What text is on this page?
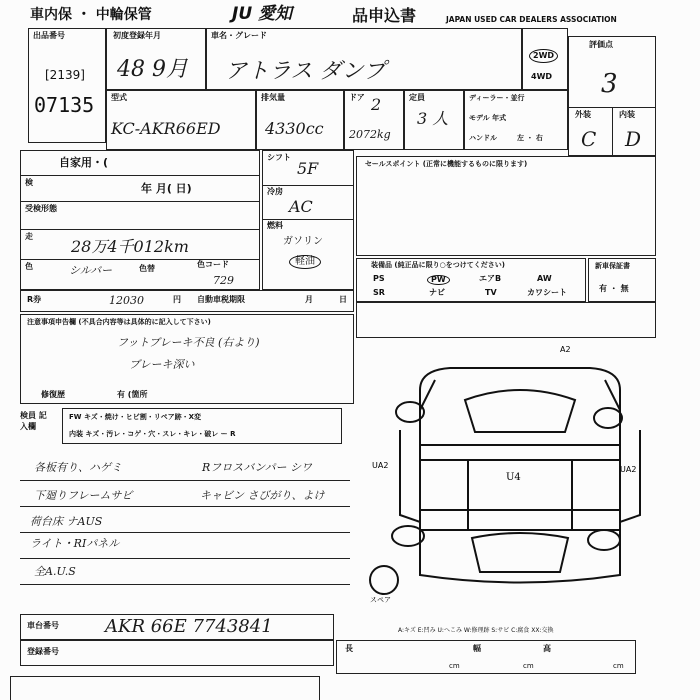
車内保 ・ 中輪保管	JU 愛知	品申込書	JAPAN USED CAR DEALERS ASSOCIATION
出品番号
[2139]
07135
初度登録年月
48 9月
車名・グレード
アトラス ダンプ
2WD
4WD
評価点
3
外装	内装
C D
型式
KC-AKR66ED
排気量
4330cc
ドア 2
2072kg
定員
3 人
ディーラー・並行
モデル 年式
ハンドル	左 ・ 右
自家用・(
検	年 月( 日)
受検形態
走
28万4千012km
色	シルバー	色替	色コード
729
シフト
5F
冷房
AC
燃料
ガソリン
軽油
セールスポイント (正常に機能するものに限ります)
装備品 (純正品に限り○をつけてください)
PS	PW	エアB	AW
SR	ナビ	TV	カワシート
新車保証書
有 ・ 無
R券	12030	円 自動車税期限	月	日
注意事項申告欄 (不具合内容等は具体的に記入して下さい)
フットブレーキ不良 (右より)
ブレーキ深い
修復歴	有 (箇所
検員 記入欄
FW キズ・焼け・ヒビ割・リペア跡・X変
内装 キズ・汚レ・コゲ・穴・スレ・キレ・破レ ー R
各板有り、ハゲミ	Rフロスバンパー シワ
下廻りフレームサビ	キャビン さびがり、よけ
荷台床 ナAUS
ライト・RIパネル
全A.U.S
A2
UA2
U4
UA2
スペア
A:キズ E:凹み U:へこみ W:修理跡 S:サビ C:腐食 XX:交換
車台番号	AKR 66E 7743841
登録番号	長
cm
幅
cm
高
cm
